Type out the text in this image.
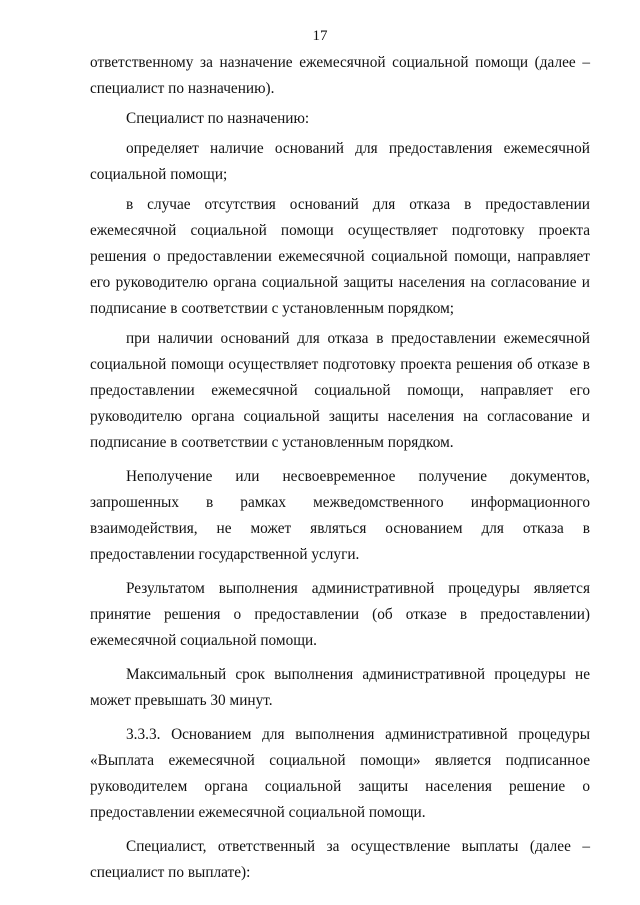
17

ответственному за назначение ежемесячной социальной помощи (далее – специалист по назначению).

Специалист по назначению:

определяет наличие оснований для предоставления ежемесячной социальной помощи;

в случае отсутствия оснований для отказа в предоставлении ежемесячной социальной помощи осуществляет подготовку проекта решения о предоставлении ежемесячной социальной помощи, направляет его руководителю органа социальной защиты населения на согласование и подписание в соответствии с установленным порядком;

при наличии оснований для отказа в предоставлении ежемесячной социальной помощи осуществляет подготовку проекта решения об отказе в предоставлении ежемесячной социальной помощи, направляет его руководителю органа социальной защиты населения на согласование и подписание в соответствии с установленным порядком.

Неполучение или несвоевременное получение документов, запрошенных в рамках межведомственного информационного взаимодействия, не может являться основанием для отказа в предоставлении государственной услуги.

Результатом выполнения административной процедуры является принятие решения о предоставлении (об отказе в предоставлении) ежемесячной социальной помощи.

Максимальный срок выполнения административной процедуры не может превышать 30 минут.

3.3.3. Основанием для выполнения административной процедуры «Выплата ежемесячной социальной помощи» является подписанное руководителем органа социальной защиты населения решение о предоставлении ежемесячной социальной помощи.

Специалист, ответственный за осуществление выплаты (далее – специалист по выплате):
